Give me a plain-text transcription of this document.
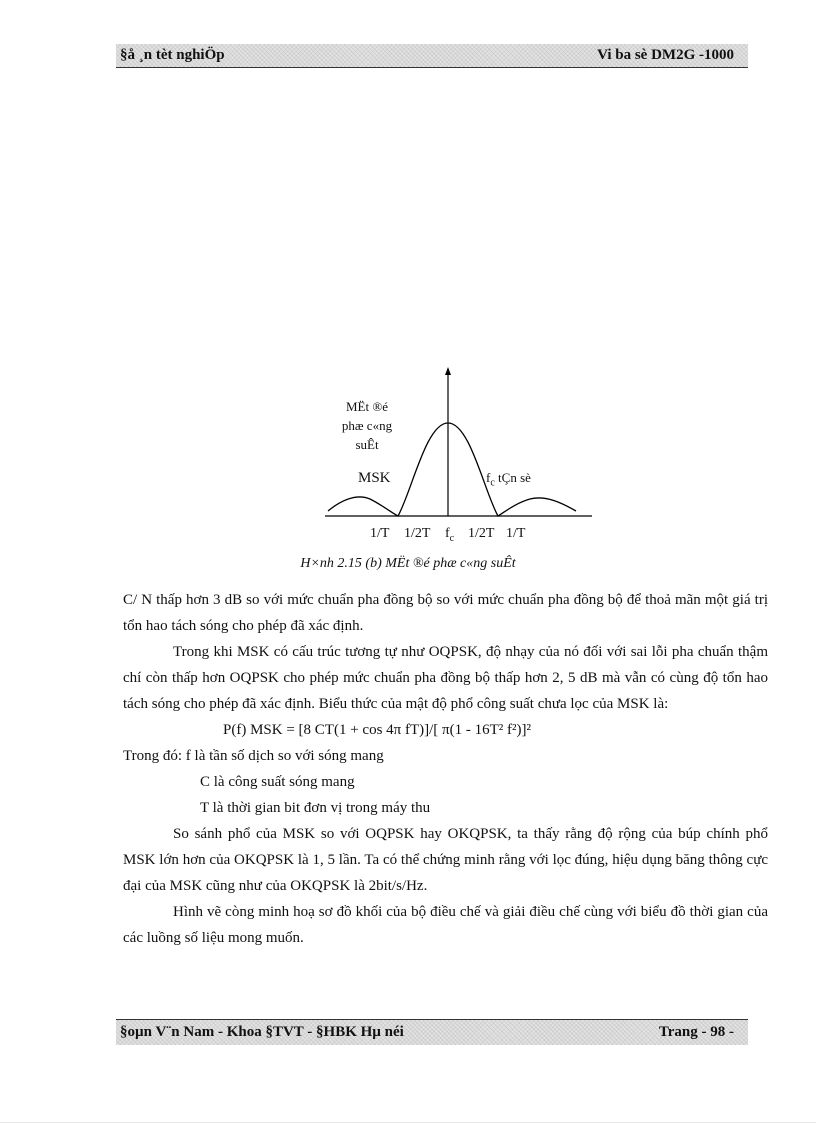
§å ¸n tèt nghiÖp	Vi ba sè DM2G -1000
MËt ®é
phæ c«ng
suÊt
MSK	$f_c$ tÇn sè
1/T 1/2T $f_c$ 1/2T 1/T
H×nh 2.15 (b) MËt ®é phæ c«ng suÊt

C/ N thấp hơn 3 dB so với mức chuẩn pha đồng bộ so với mức chuẩn pha đồng bộ để thoả mãn một giá trị tổn hao tách sóng cho phép đã xác định.

Trong khi MSK có cấu trúc tương tự như OQPSK, độ nhạy của nó đối với sai lỗi pha chuẩn thậm chí còn thấp hơn OQPSK cho phép mức chuẩn pha đồng bộ thấp hơn 2, 5 dB mà vẫn có cùng độ tổn hao tách sóng cho phép đã xác định. Biểu thức của mật độ phổ công suất chưa lọc của MSK là:

P(f) MSK = [8 CT(1 + cos 4π fT)]/[ π(1 - 16T² f²)]²

Trong đó: f là tần số dịch so với sóng mang

C là công suất sóng mang

T là thời gian bit đơn vị trong máy thu

So sánh phổ của MSK so với OQPSK hay OKQPSK, ta thấy rằng độ rộng của búp chính phổ MSK lớn hơn của OKQPSK là 1, 5 lần. Ta có thể chứng minh rằng với lọc đúng, hiệu dụng băng thông cực đại của MSK cũng như của OKQPSK là 2bit/s/Hz.

Hình vẽ còng minh hoạ sơ đồ khối của bộ điều chế và giải điều chế cùng với biểu đồ thời gian của các luồng số liệu mong muốn.

§oµn V¨n Nam - Khoa §TVT - §HBK Hµ néi	Trang - 98 -
